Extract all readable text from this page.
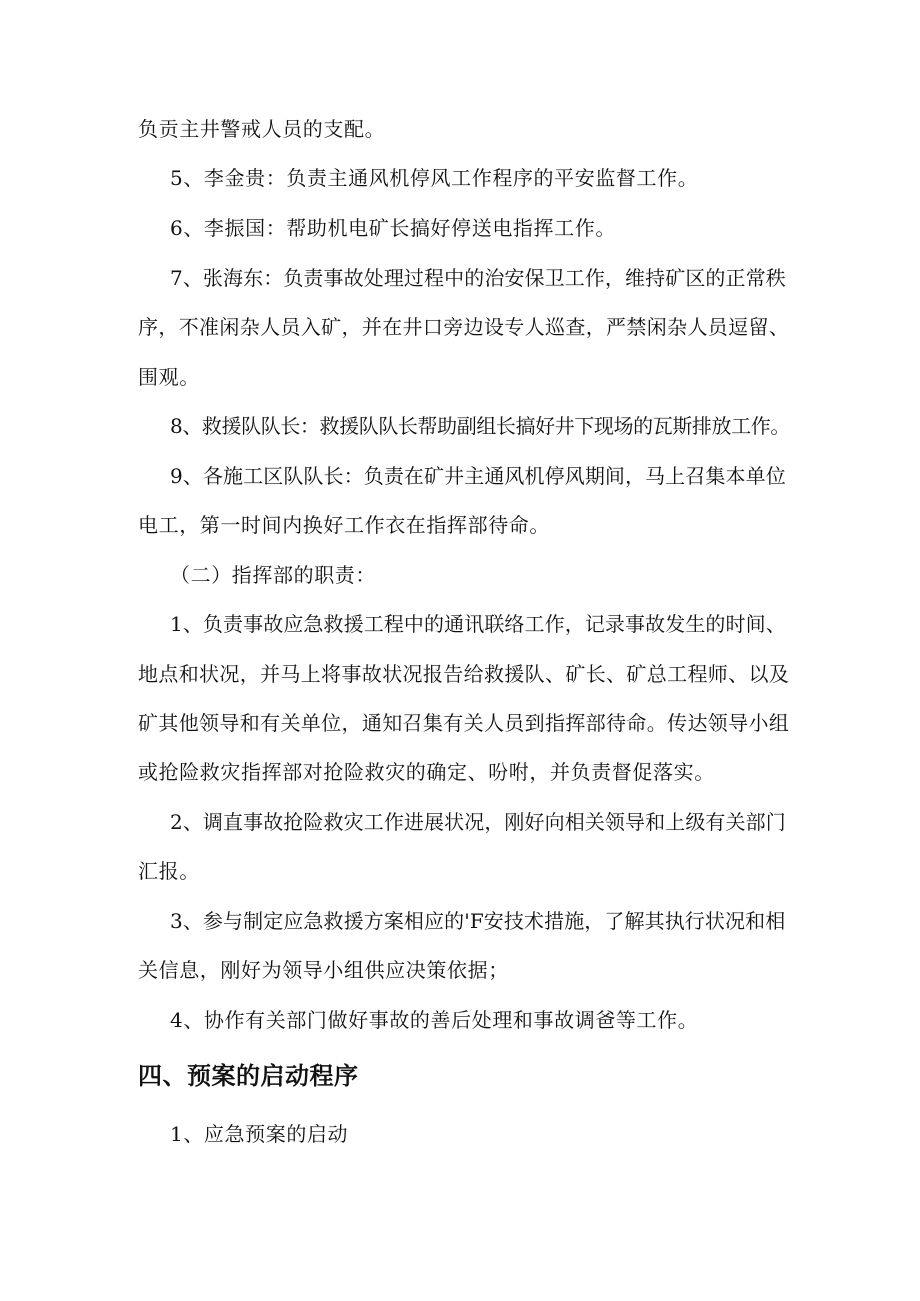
负贡主井警戒人员的支配。

5、李金贵：负责主通风机停风工作程序的平安监督工作。

6、李振国：帮助机电矿长搞好停送电指挥工作。

7、张海东：负责事故处理过程中的治安保卫工作，维持矿区的正常秩

序，不准闲杂人员入矿，并在井口旁边设专人巡查，严禁闲杂人员逗留、

围观。

8、救援队队长：救援队队长帮助副组长搞好井下现场的瓦斯排放工作。

9、各施工区队队长：负责在矿井主通风机停风期间，马上召集本单位

电工，第一时间内换好工作衣在指挥部待命。

（二）指挥部的职责：

1、负责事故应急救援工程中的通讯联络工作，记录事故发生的时间、

地点和状况，并马上将事故状况报告给救援队、矿长、矿总工程师、以及

矿其他领导和有关单位，通知召集有关人员到指挥部待命。传达领导小组

或抢险救灾指挥部对抢险救灾的确定、吩咐，并负责督促落实。

2、调直事故抢险救灾工作进展状况，刚好向相关领导和上级有关部门

汇报。

3、参与制定应急救援方案相应的'F安技术措施，了解其执行状况和相

关信息，刚好为领导小组供应决策依据；

4、协作有关部门做好事故的善后处理和事故调爸等工作。

四、预案的启动程序

1、应急预案的启动
